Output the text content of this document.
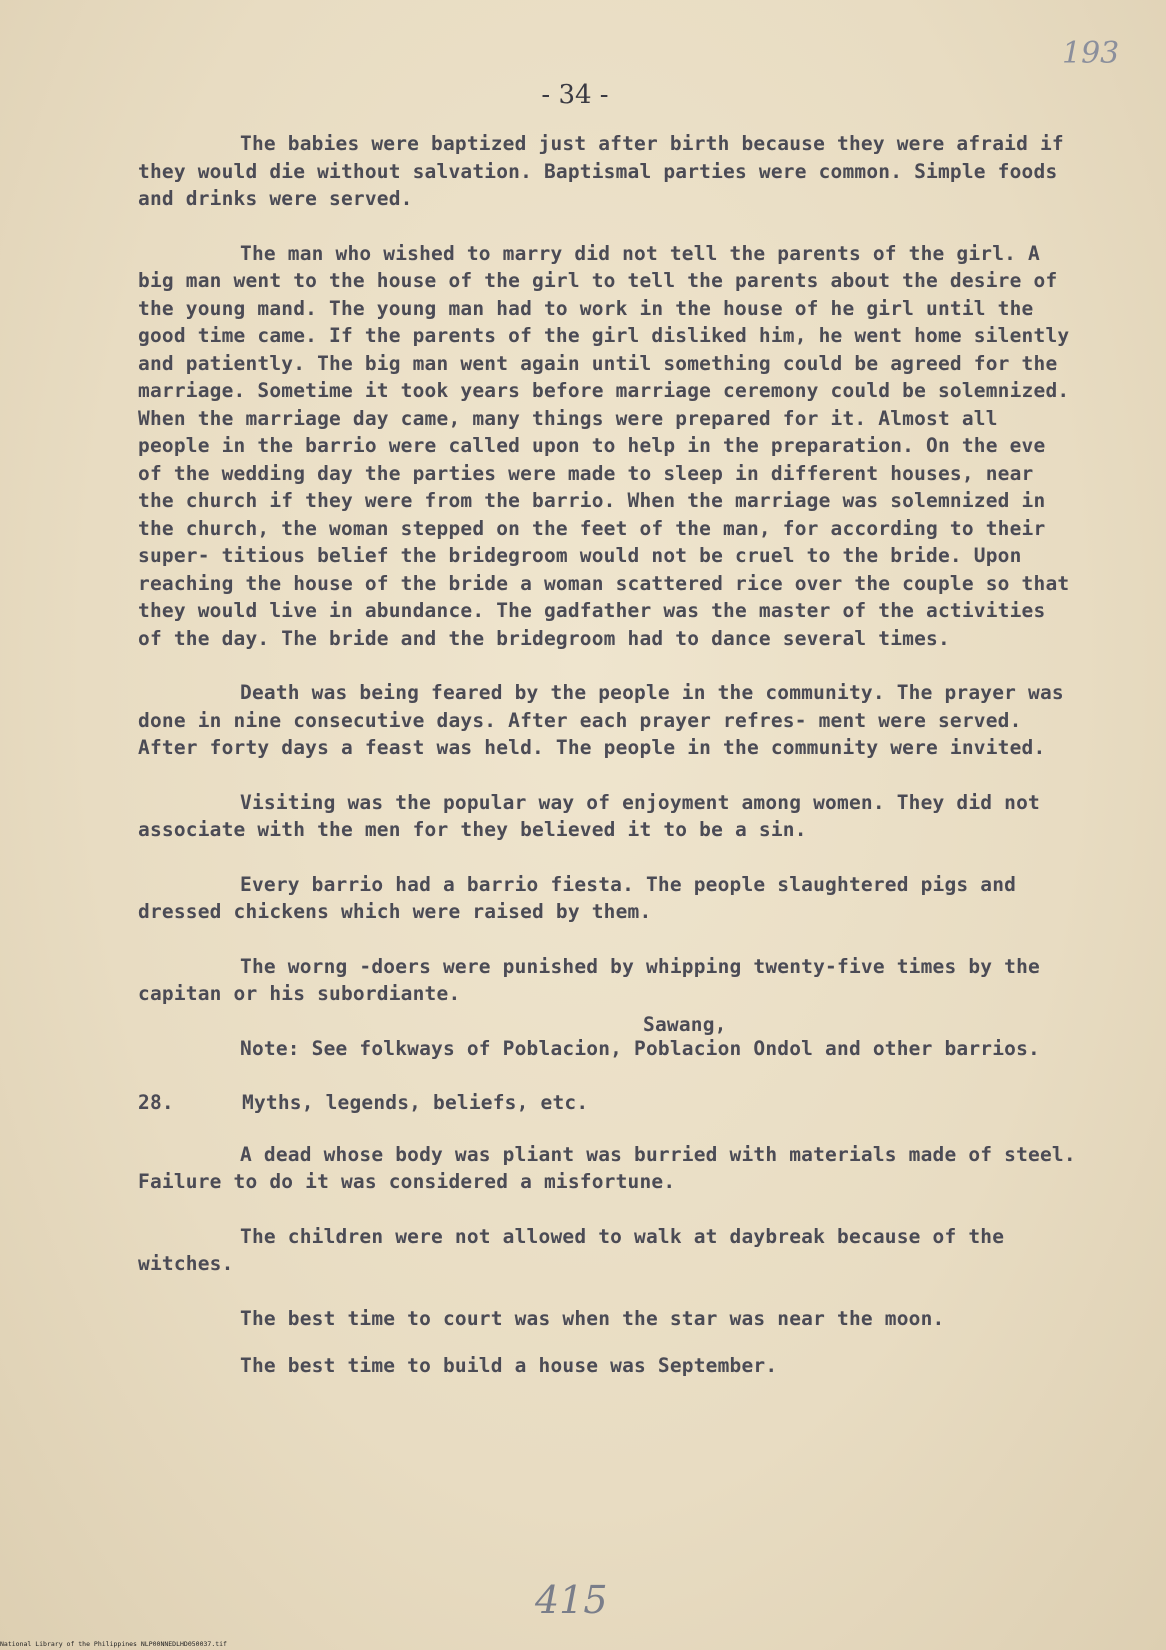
193
- 34 -

The babies were baptized just after birth because they were afraid if they would die without salvation. Baptismal parties were common. Simple foods and drinks were served.

The man who wished to marry did not tell the parents of the girl. A big man went to the house of the girl to tell the parents about the desire of the young mand. The young man had to work in the house of he girl until the good time came. If the parents of the girl disliked him, he went home silently and patiently. The big man went again until something could be agreed for the marriage. Sometime it took years before marriage ceremony could be solemnized. When the marriage day came, many things were prepared for it. Almost all people in the barrio were called upon to help in the preparation. On the eve of the wedding day the parties were made to sleep in different houses, near the church if they were from the barrio. When the marriage was solemnized in the church, the woman stepped on the feet of the man, for according to their super- titious belief the bridegroom would not be cruel to the bride. Upon reaching the house of the bride a woman scattered rice over the couple so that they would live in abundance. The gadfather was the master of the activities of the day. The bride and the bridegroom had to dance several times.

Death was being feared by the people in the community. The prayer was done in nine consecutive days. After each prayer refres- ment were served. After forty days a feast was held. The people in the community were invited.

Visiting was the popular way of enjoyment among women. They did not associate with the men for they believed it to be a sin.

Every barrio had a barrio fiesta. The people slaughtered pigs and dressed chickens which were raised by them.

The worng -doers were punished by whipping twenty-five times by the capitan or his subordiante.

Sawang,

Note: See folkways of Poblacion, Poblacion Ondol and other barrios.

28.	Myths, legends, beliefs, etc.

A dead whose body was pliant was burried with materials made of steel. Failure to do it was considered a misfortune.

The children were not allowed to walk at daybreak because of the witches.

The best time to court was when the star was near the moon.

The best time to build a house was September.

415
National Library of the Philippines NLP00NNEDLHD050037.tif
